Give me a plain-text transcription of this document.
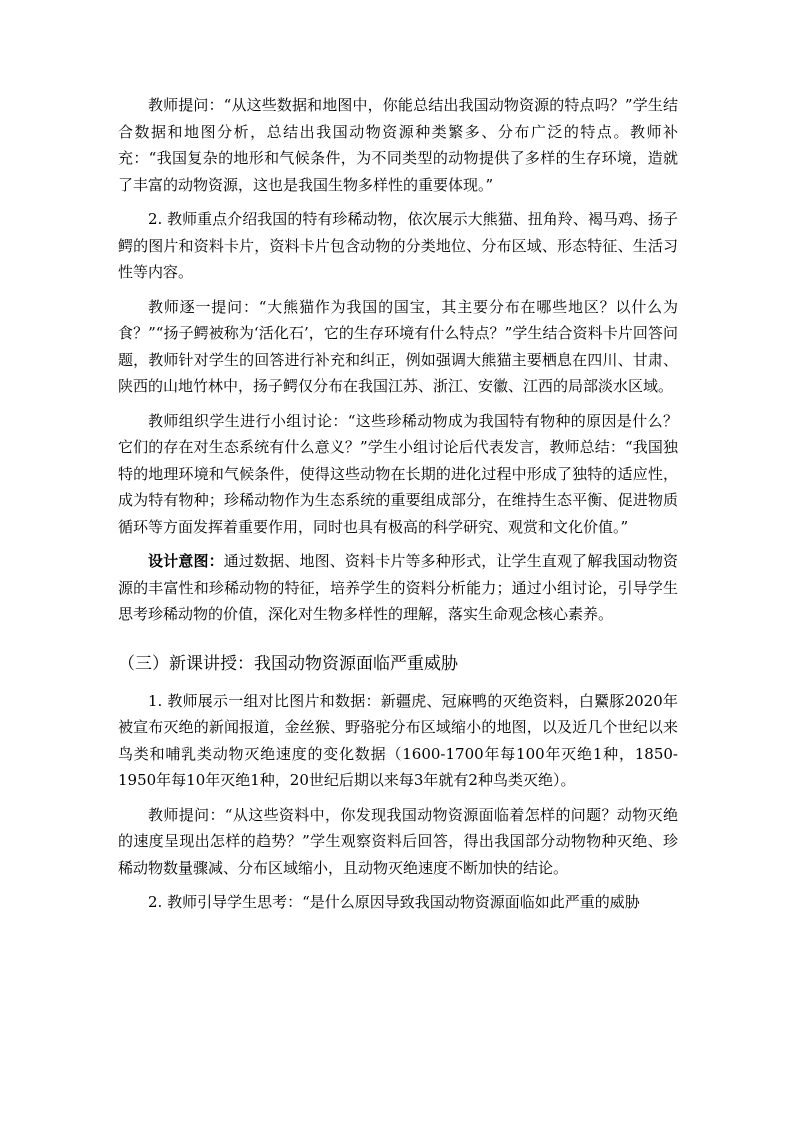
教师提问：“从这些数据和地图中，你能总结出我国动物资源的特点吗？”学生结合数据和地图分析，总结出我国动物资源种类繁多、分布广泛的特点。教师补充：“我国复杂的地形和气候条件，为不同类型的动物提供了多样的生存环境，造就了丰富的动物资源，这也是我国生物多样性的重要体现。”

2. 教师重点介绍我国的特有珍稀动物，依次展示大熊猫、扭角羚、褐马鸡、扬子鳄的图片和资料卡片，资料卡片包含动物的分类地位、分布区域、形态特征、生活习性等内容。

教师逐一提问：“大熊猫作为我国的国宝，其主要分布在哪些地区？以什么为食？”“扬子鳄被称为‘活化石’，它的生存环境有什么特点？”学生结合资料卡片回答问题，教师针对学生的回答进行补充和纠正，例如强调大熊猫主要栖息在四川、甘肃、陕西的山地竹林中，扬子鳄仅分布在我国江苏、浙江、安徽、江西的局部淡水区域。

教师组织学生进行小组讨论：“这些珍稀动物成为我国特有物种的原因是什么？它们的存在对生态系统有什么意义？”学生小组讨论后代表发言，教师总结：“我国独特的地理环境和气候条件，使得这些动物在长期的进化过程中形成了独特的适应性，成为特有物种；珍稀动物作为生态系统的重要组成部分，在维持生态平衡、促进物质循环等方面发挥着重要作用，同时也具有极高的科学研究、观赏和文化价值。”

设计意图：通过数据、地图、资料卡片等多种形式，让学生直观了解我国动物资源的丰富性和珍稀动物的特征，培养学生的资料分析能力；通过小组讨论，引导学生思考珍稀动物的价值，深化对生物多样性的理解，落实生命观念核心素养。

（三）新课讲授：我国动物资源面临严重威胁

1. 教师展示一组对比图片和数据：新疆虎、冠麻鸭的灭绝资料，白鱀豚2020年被宣布灭绝的新闻报道，金丝猴、野骆驼分布区域缩小的地图，以及近几个世纪以来鸟类和哺乳类动物灭绝速度的变化数据（1600-1700年每100年灭绝1种，1850-1950年每10年灭绝1种，20世纪后期以来每3年就有2种鸟类灭绝）。

教师提问：“从这些资料中，你发现我国动物资源面临着怎样的问题？动物灭绝的速度呈现出怎样的趋势？”学生观察资料后回答，得出我国部分动物物种灭绝、珍稀动物数量骤减、分布区域缩小，且动物灭绝速度不断加快的结论。

2. 教师引导学生思考：“是什么原因导致我国动物资源面临如此严重的威胁
